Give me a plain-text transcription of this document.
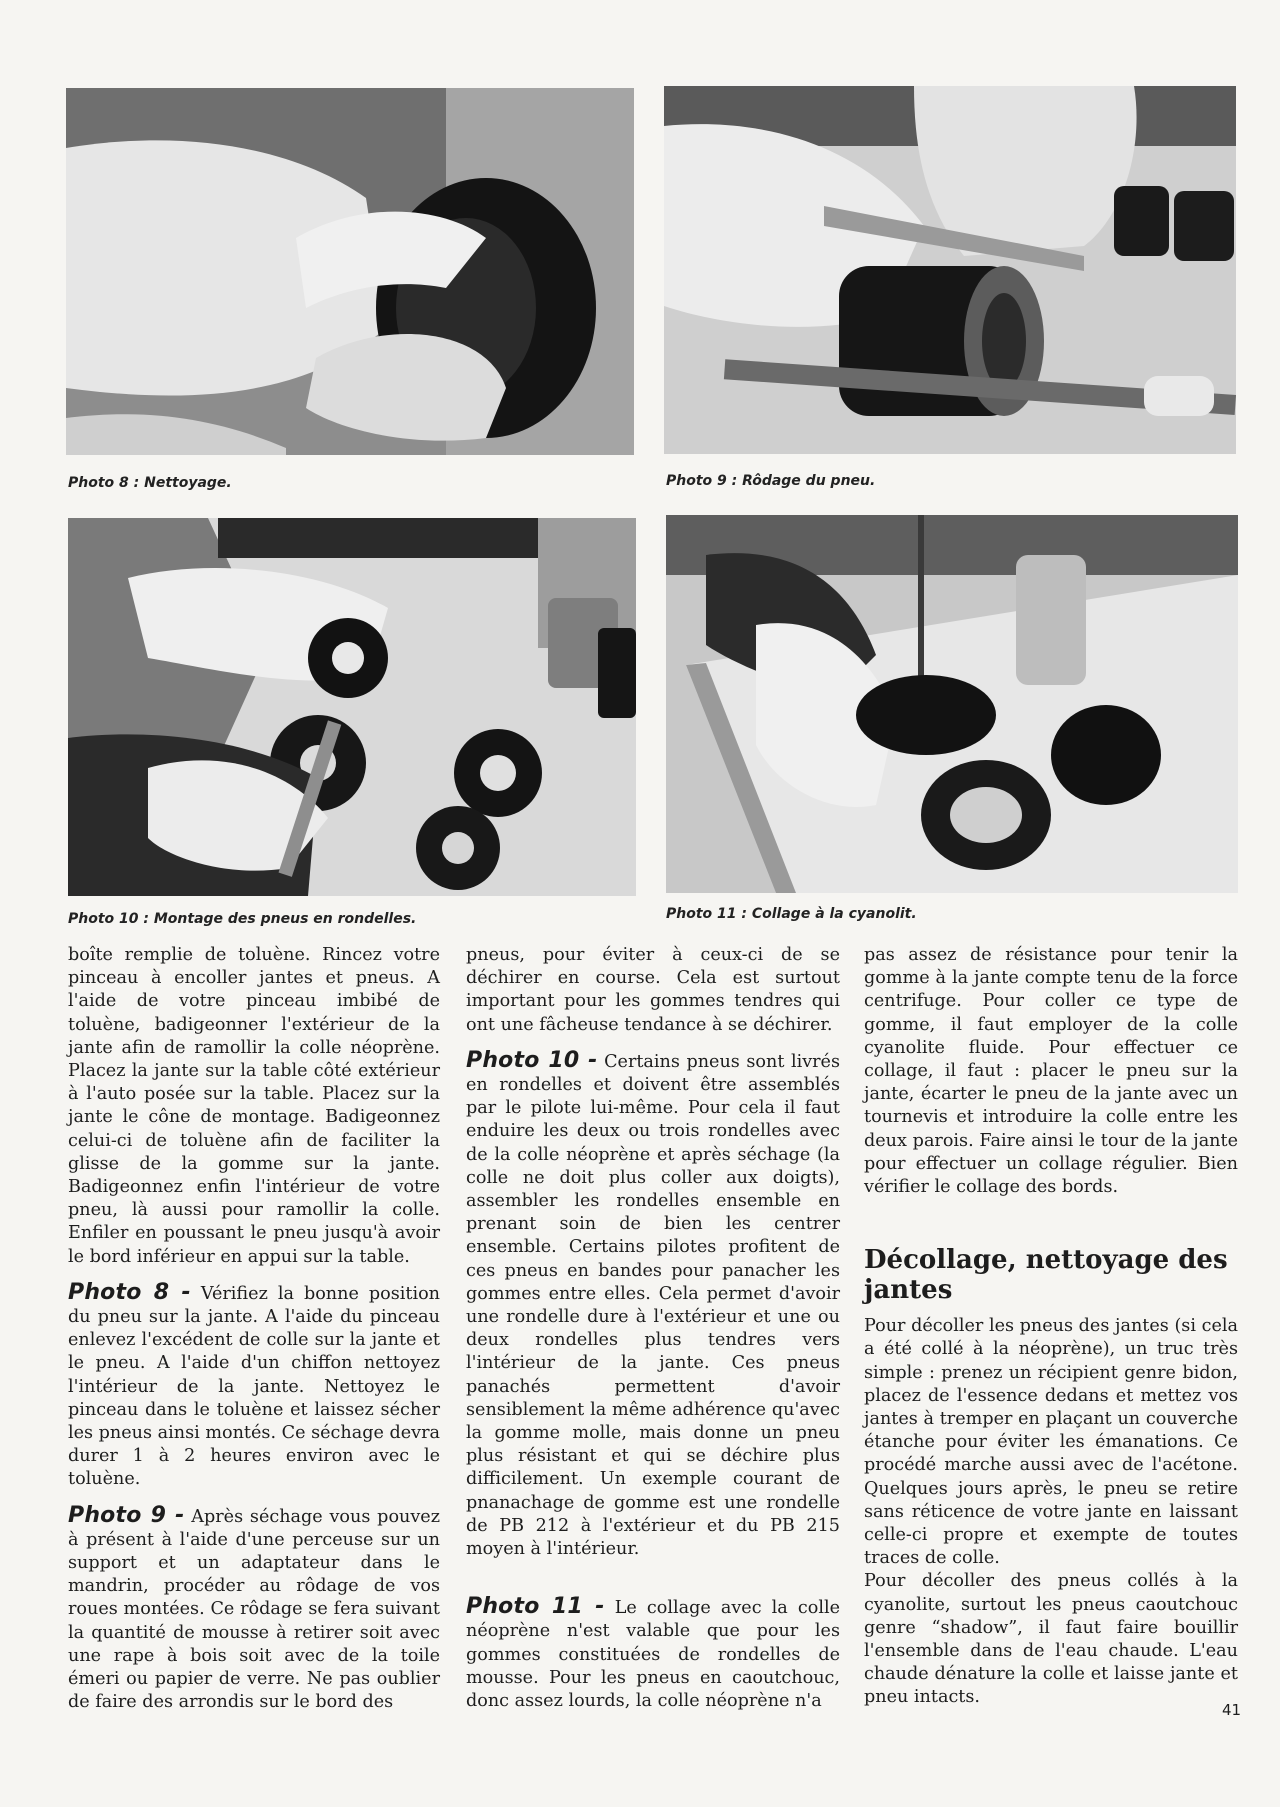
Photo 8 : Nettoyage.	Photo 9 : Rôdage du pneu.
Photo 10 : Montage des pneus en rondelles.	Photo 11 : Collage à la cyanolit.

boîte remplie de toluène. Rincez votre pinceau à encoller jantes et pneus. A l'aide de votre pinceau imbibé de toluène, badigeonner l'extérieur de la jante afin de ramollir la colle néoprène. Placez la jante sur la table côté extérieur à l'auto posée sur la table. Placez sur la jante le cône de montage. Badigeonnez celui-ci de toluène afin de faciliter la glisse de la gomme sur la jante. Badigeonnez enfin l'intérieur de votre pneu, là aussi pour ramollir la colle. Enfiler en poussant le pneu jusqu'à avoir le bord inférieur en appui sur la table.

Photo 8 - Vérifiez la bonne position du pneu sur la jante. A l'aide du pinceau enlevez l'excédent de colle sur la jante et le pneu. A l'aide d'un chiffon nettoyez l'intérieur de la jante. Nettoyez le pinceau dans le toluène et laissez sécher les pneus ainsi montés. Ce séchage devra durer 1 à 2 heures environ avec le toluène.

Photo 9 - Après séchage vous pouvez à présent à l'aide d'une perceuse sur un support et un adaptateur dans le mandrin, procéder au rôdage de vos roues montées. Ce rôdage se fera suivant la quantité de mousse à retirer soit avec une rape à bois soit avec de la toile émeri ou papier de verre. Ne pas oublier de faire des arrondis sur le bord des

pneus, pour éviter à ceux-ci de se déchirer en course. Cela est surtout important pour les gommes tendres qui ont une fâcheuse tendance à se déchirer.

Photo 10 - Certains pneus sont livrés en rondelles et doivent être assemblés par le pilote lui-même. Pour cela il faut enduire les deux ou trois rondelles avec de la colle néoprène et après séchage (la colle ne doit plus coller aux doigts), assembler les rondelles ensemble en prenant soin de bien les centrer ensemble. Certains pilotes profitent de ces pneus en bandes pour panacher les gommes entre elles. Cela permet d'avoir une rondelle dure à l'extérieur et une ou deux rondelles plus tendres vers l'intérieur de la jante. Ces pneus panachés permettent d'avoir sensiblement la même adhérence qu'avec la gomme molle, mais donne un pneu plus résistant et qui se déchire plus difficilement. Un exemple courant de pnanachage de gomme est une rondelle de PB 212 à l'extérieur et du PB 215 moyen à l'intérieur.

Photo 11 - Le collage avec la colle néoprène n'est valable que pour les gommes constituées de rondelles de mousse. Pour les pneus en caoutchouc, donc assez lourds, la colle néoprène n'a

pas assez de résistance pour tenir la gomme à la jante compte tenu de la force centrifuge. Pour coller ce type de gomme, il faut employer de la colle cyanolite fluide. Pour effectuer ce collage, il faut : placer le pneu sur la jante, écarter le pneu de la jante avec un tournevis et introduire la colle entre les deux parois. Faire ainsi le tour de la jante pour effectuer un collage régulier. Bien vérifier le collage des bords.

Décollage, nettoyage des jantes

Pour décoller les pneus des jantes (si cela a été collé à la néoprène), un truc très simple : prenez un récipient genre bidon, placez de l'essence dedans et mettez vos jantes à tremper en plaçant un couverche étanche pour éviter les émanations. Ce procédé marche aussi avec de l'acétone. Quelques jours après, le pneu se retire sans réticence de votre jante en laissant celle-ci propre et exempte de toutes traces de colle.

Pour décoller des pneus collés à la cyanolite, surtout les pneus caoutchouc genre “shadow”, il faut faire bouillir l'ensemble dans de l'eau chaude. L'eau chaude dénature la colle et laisse jante et pneu intacts.

41
